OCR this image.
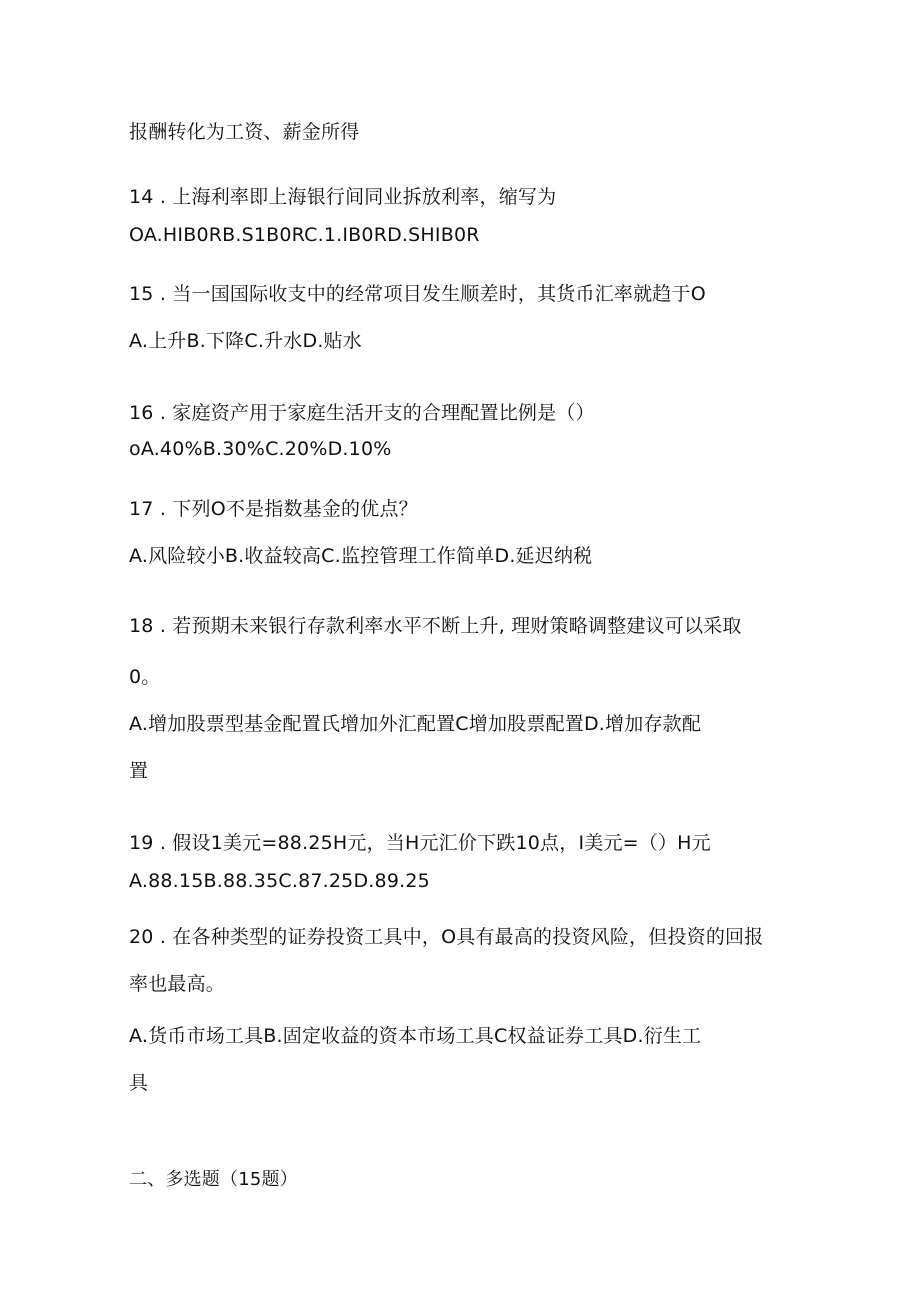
报酬转化为工资、薪金所得
14 . 上海利率即上海银行间同业拆放利率，缩写为
OA.HIB0RB.S1B0RC.1.IB0RD.SHIB0R
15 . 当一国国际收支中的经常项目发生顺差时，其货币汇率就趋于O
A.上升B.下降C.升水D.贴水
16 . 家庭资产用于家庭生活开支的合理配置比例是（）
oA.40%B.30%C.20%D.10%
17 . 下列O不是指数基金的优点？
A.风险较小B.收益较高C.监控管理工作简单D.延迟纳税
18 . 若预期未来银行存款利率水平不断上升, 理财策略调整建议可以采取
0。
A.增加股票型基金配置氏增加外汇配置C增加股票配置D.增加存款配
置
19 . 假设1美元=88.25H元，当H元汇价下跌10点，I美元=（）H元
A.88.15B.88.35C.87.25D.89.25
20 . 在各种类型的证券投资工具中，O具有最高的投资风险，但投资的回报
率也最高。
A.货币市场工具B.固定收益的资本市场工具C权益证券工具D.衍生工
具
二、多选题（15题）
